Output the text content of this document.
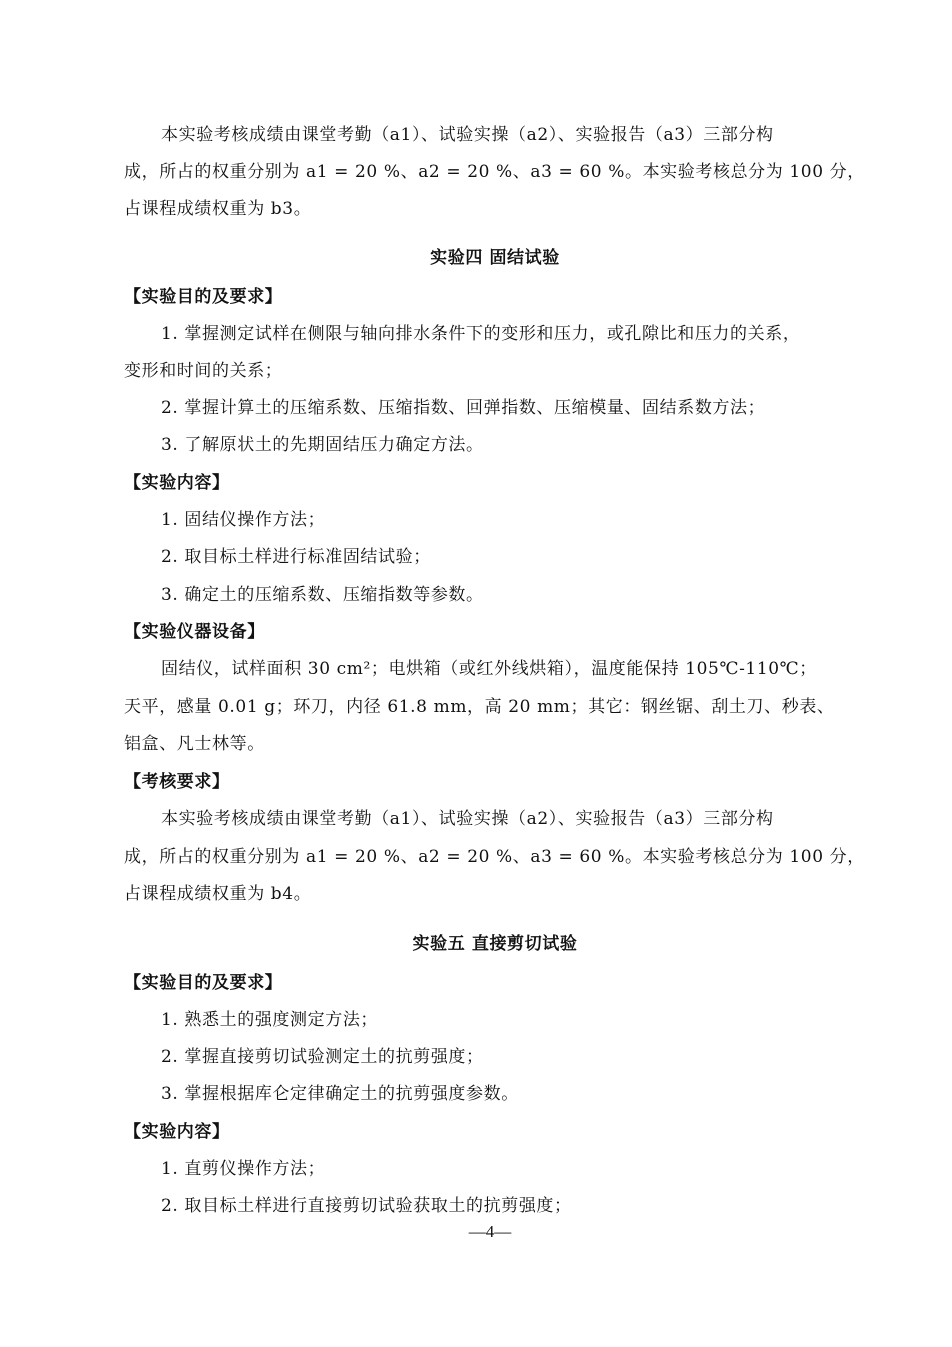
本实验考核成绩由课堂考勤（a1）、试验实操（a2）、实验报告（a3）三部分构
成，所占的权重分别为 a1 = 20 %、a2 = 20 %、a3 = 60 %。本实验考核总分为 100 分，
占课程成绩权重为 b3。
实验四 固结试验
【实验目的及要求】
1. 掌握测定试样在侧限与轴向排水条件下的变形和压力，或孔隙比和压力的关系，
变形和时间的关系；
2. 掌握计算土的压缩系数、压缩指数、回弹指数、压缩模量、固结系数方法；
3. 了解原状土的先期固结压力确定方法。
【实验内容】
1. 固结仪操作方法；
2. 取目标土样进行标准固结试验；
3. 确定土的压缩系数、压缩指数等参数。
【实验仪器设备】
固结仪，试样面积 30 cm²；电烘箱（或红外线烘箱），温度能保持 105℃-110℃；
天平，感量 0.01 g；环刀，内径 61.8 mm，高 20 mm；其它：钢丝锯、刮土刀、秒表、
铝盒、凡士林等。
【考核要求】
本实验考核成绩由课堂考勤（a1）、试验实操（a2）、实验报告（a3）三部分构
成，所占的权重分别为 a1 = 20 %、a2 = 20 %、a3 = 60 %。本实验考核总分为 100 分，
占课程成绩权重为 b4。
实验五 直接剪切试验
【实验目的及要求】
1. 熟悉土的强度测定方法；
2. 掌握直接剪切试验测定土的抗剪强度；
3. 掌握根据库仑定律确定土的抗剪强度参数。
【实验内容】
1. 直剪仪操作方法；
2. 取目标土样进行直接剪切试验获取土的抗剪强度；
—4—
